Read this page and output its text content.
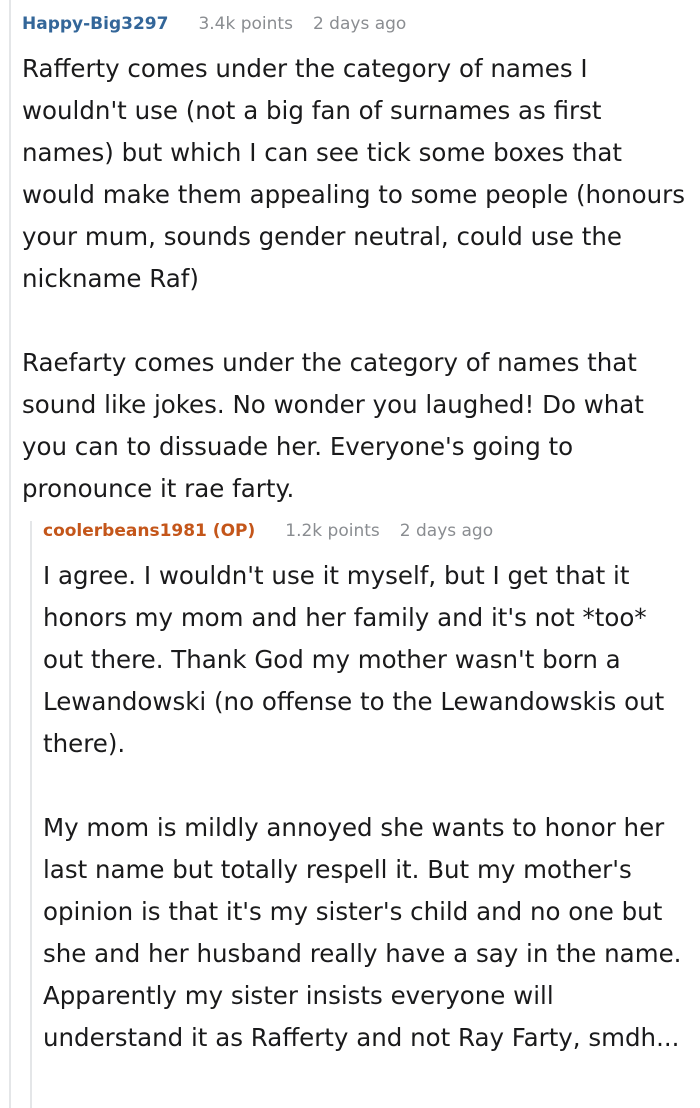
Happy-Big3297 3.4k points 2 days ago

Rafferty comes under the category of names I wouldn't use (not a big fan of surnames as first names) but which I can see tick some boxes that would make them appealing to some people (honours your mum, sounds gender neutral, could use the nickname Raf)

Raefarty comes under the category of names that sound like jokes. No wonder you laughed! Do what you can to dissuade her. Everyone's going to pronounce it rae farty.

coolerbeans1981 (OP) 1.2k points 2 days ago

I agree. I wouldn't use it myself, but I get that it honors my mom and her family and it's not *too* out there. Thank God my mother wasn't born a Lewandowski (no offense to the Lewandowskis out there).

My mom is mildly annoyed she wants to honor her last name but totally respell it. But my mother's opinion is that it's my sister's child and no one but she and her husband really have a say in the name. Apparently my sister insists everyone will understand it as Rafferty and not Ray Farty, smdh...
